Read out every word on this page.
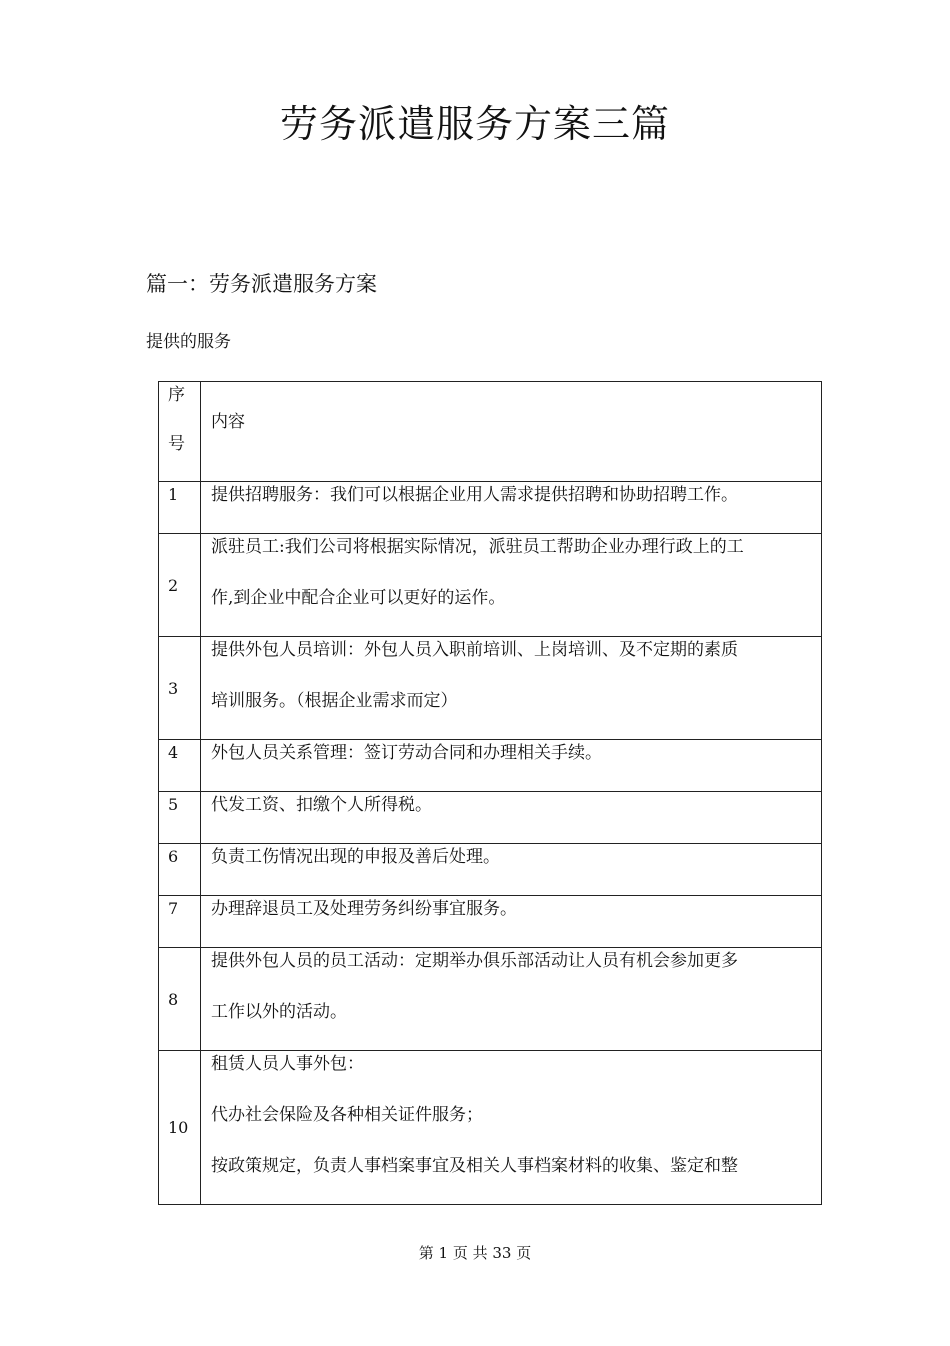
劳务派遣服务方案三篇
篇一：劳务派遣服务方案
提供的服务
序
号	内容
1	提供招聘服务：我们可以根据企业用人需求提供招聘和协助招聘工作。

2	派驻员工:我们公司将根据实际情况，派驻员工帮助企业办理行政上的工
作,到企业中配合企业可以更好的运作。

3	提供外包人员培训：外包人员入职前培训、上岗培训、及不定期的素质
培训服务。（根据企业需求而定）

4	外包人员关系管理：签订劳动合同和办理相关手续。

5	代发工资、扣缴个人所得税。

6	负责工伤情况出现的申报及善后处理。

7	办理辞退员工及处理劳务纠纷事宜服务。

8	提供外包人员的员工活动：定期举办俱乐部活动让人员有机会参加更多
工作以外的活动。

10	租赁人员人事外包：
代办社会保险及各种相关证件服务；
按政策规定，负责人事档案事宜及相关人事档案材料的收集、鉴定和整
第 1 页 共 33 页
